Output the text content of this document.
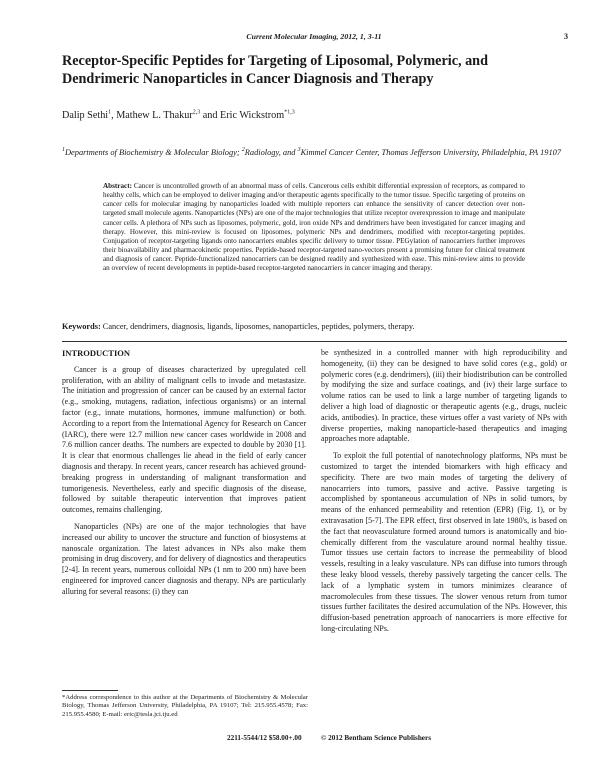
Current Molecular Imaging, 2012, 1, 3-11	3
Receptor-Specific Peptides for Targeting of Liposomal, Polymeric, and Dendrimeric Nanoparticles in Cancer Diagnosis and Therapy
Dalip Sethi$^1$, Mathew L. Thakur$^{2,3}$ and Eric Wickstrom$^{*1,3}$

$^1$Departments of Biochemistry & Molecular Biology; $^2$Radiology, and $^3$Kimmel Cancer Center, Thomas Jefferson University, Philadelphia, PA 19107

Abstract: Cancer is uncontrolled growth of an abnormal mass of cells. Cancerous cells exhibit differential expression of receptors, as compared to healthy cells, which can be employed to deliver imaging and/or therapeutic agents specifically to the tumor tissue. Specific targeting of proteins on cancer cells for molecular imaging by nanoparticles loaded with multiple reporters can enhance the sensitivity of cancer detection over non-targeted small molecule agents. Nanoparticles (NPs) are one of the major technologies that utilize receptor overexpression to image and manipulate cancer cells. A plethora of NPs such as liposomes, polymeric, gold, iron oxide NPs and dendrimers have been investigated for cancer imaging and therapy. However, this mini-review is focused on liposomes, polymeric NPs and dendrimers, modified with receptor-targeting peptides. Conjugation of receptor-targeting ligands onto nanocarriers enables specific delivery to tumor tissue. PEGylation of nanocarriers further improves their bioavailability and pharmacokinetic properties. Peptide-based receptor-targeted nano-vectors present a promising future for clinical treatment and diagnosis of cancer. Peptide-functionalized nanocarriers can be designed readily and synthesized with ease. This mini-review aims to provide an overview of recent developments in peptide-based receptor-targeted nanocarriers in cancer imaging and therapy.

Keywords: Cancer, dendrimers, diagnosis, ligands, liposomes, nanoparticles, peptides, polymers, therapy.

INTRODUCTION

Cancer is a group of diseases characterized by upregulated cell proliferation, with an ability of malignant cells to invade and metastasize. The initiation and progression of cancer can be caused by an external factor (e.g., smoking, mutagens, radiation, infectious organisms) or an internal factor (e.g., innate mutations, hormones, immune malfunction) or both. According to a report from the International Agency for Research on Cancer (IARC), there were 12.7 million new cancer cases worldwide in 2008 and 7.6 million cancer deaths. The numbers are expected to double by 2030 [1]. It is clear that enormous challenges lie ahead in the field of early cancer diagnosis and therapy. In recent years, cancer research has achieved ground-breaking progress in understanding of malignant transformation and tumorigenesis. Nevertheless, early and specific diagnosis of the disease, followed by suitable therapeutic intervention that improves patient outcomes, remains challenging.

Nanoparticles (NPs) are one of the major technologies that have increased our ability to uncover the structure and function of biosystems at nanoscale organization. The latest advances in NPs also make them promising in drug discovery, and for delivery of diagnostics and therapeutics [2-4]. In recent years, numerous colloidal NPs (1 nm to 200 nm) have been engineered for improved cancer diagnosis and therapy. NPs are particularly alluring for several reasons: (i) they can

be synthesized in a controlled manner with high reproducibility and homogeneity, (ii) they can be designed to have solid cores (e.g., gold) or polymeric cores (e.g. dendrimers), (iii) their biodistribution can be controlled by modifying the size and surface coatings, and (iv) their large surface to volume ratios can be used to link a large number of targeting ligands to deliver a high load of diagnostic or therapeutic agents (e.g., drugs, nucleic acids, antibodies). In practice, these virtues offer a vast variety of NPs with diverse properties, making nanoparticle-based therapeutics and imaging approaches more adaptable.

To exploit the full potential of nanotechnology platforms, NPs must be customized to target the intended biomarkers with high efficacy and specificity. There are two main modes of targeting the delivery of nanocarriers into tumors, passive and active. Passive targeting is accomplished by spontaneous accumulation of NPs in solid tumors, by means of the enhanced permeability and retention (EPR) (Fig. 1), or by extravasation [5-7]. The EPR effect, first observed in late 1980's, is based on the fact that neovasculature formed around tumors is anatomically and bio-chemically different from the vasculature around normal healthy tissue. Tumor tissues use certain factors to increase the permeability of blood vessels, resulting in a leaky vasculature. NPs can diffuse into tumors through these leaky blood vessels, thereby passively targeting the cancer cells. The lack of a lymphatic system in tumors minimizes clearance of macromolecules from these tissues. The slower venous return from tumor tissues further facilitates the desired accumulation of the NPs. However, this diffusion-based penetration approach of nanocarriers is more effective for long-circulating NPs.

*Address correspondence to this author at the Departments of Biochemistry & Molecular Biology, Thomas Jefferson University, Philadelphia, PA 19107; Tel: 215.955.4578; Fax: 215.955.4580; E-mail: eric@tesla.jci.tju.ed

2211-5544/12 $58.00+.00	© 2012 Bentham Science Publishers
